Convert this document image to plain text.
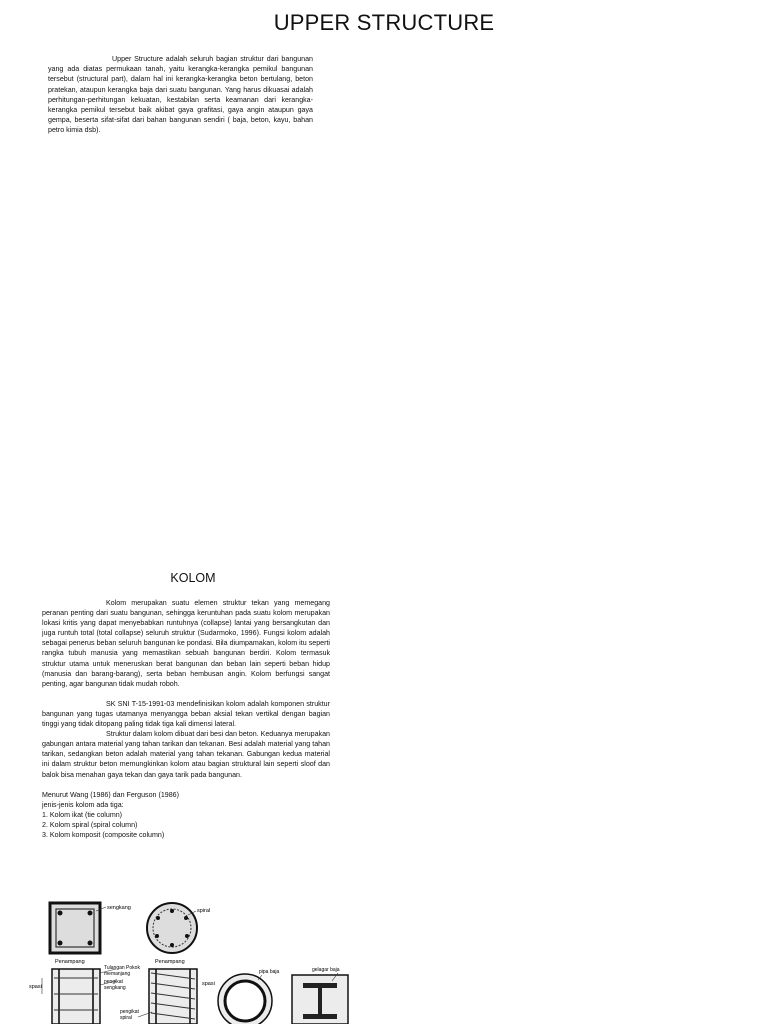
UPPER STRUCTURE

Upper Structure adalah seluruh bagian struktur dari bangunan yang ada diatas permukaan tanah, yaitu kerangka-kerangka pemikul bangunan tersebut (structural part), dalam hal ini kerangka-kerangka beton bertulang, beton pratekan, ataupun kerangka baja dari suatu bangunan. Yang harus dikuasai adalah perhitungan-perhitungan kekuatan, kestabilan serta keamanan dari kerangka-kerangka pemikul tersebut baik akibat gaya grafitasi, gaya angin ataupun gaya gempa, beserta sifat-sifat dari bahan bangunan sendiri ( baja, beton, kayu, bahan petro kimia dsb).

KOLOM

Kolom merupakan suatu elemen struktur tekan yang memegang peranan penting dari suatu bangunan, sehingga keruntuhan pada suatu kolom merupakan lokasi kritis yang dapat menyebabkan runtuhnya (collapse) lantai yang bersangkutan dan juga runtuh total (total collapse) seluruh struktur (Sudarmoko, 1996). Fungsi kolom adalah sebagai penerus beban seluruh bangunan ke pondasi. Bila diumpamakan, kolom itu seperti rangka tubuh manusia yang memastikan sebuah bangunan berdiri. Kolom termasuk struktur utama untuk meneruskan berat bangunan dan beban lain seperti beban hidup (manusia dan barang-barang), serta beban hembusan angin. Kolom berfungsi sangat penting, agar bangunan tidak mudah roboh.

SK SNI T-15-1991-03 mendefinisikan kolom adalah komponen struktur bangunan yang tugas utamanya menyangga beban aksial tekan vertikal dengan bagian tinggi yang tidak ditopang paling tidak tiga kali dimensi lateral.

Struktur dalam kolom dibuat dari besi dan beton. Keduanya merupakan gabungan antara material yang tahan tarikan dan tekanan. Besi adalah material yang tahan tarikan, sedangkan beton adalah material yang tahan tekanan. Gabungan kedua material ini dalam struktur beton memungkinkan kolom atau bagian struktural lain seperti sloof dan balok bisa menahan gaya tekan dan gaya tarik pada bangunan.

Menurut Wang (1986) dan Ferguson (1986)
jenis-jenis kolom ada tiga:
1. Kolom ikat (tie column)
2. Kolom spiral (spiral column)
3. Kolom komposit (composite column)
sengkang	spiral
Penampang	Penampang
spasi
Tulangan Pokok
memanjang
pengikat
sengkang
spasi
pengikat
spiral
pipa baja	gelagar baja
